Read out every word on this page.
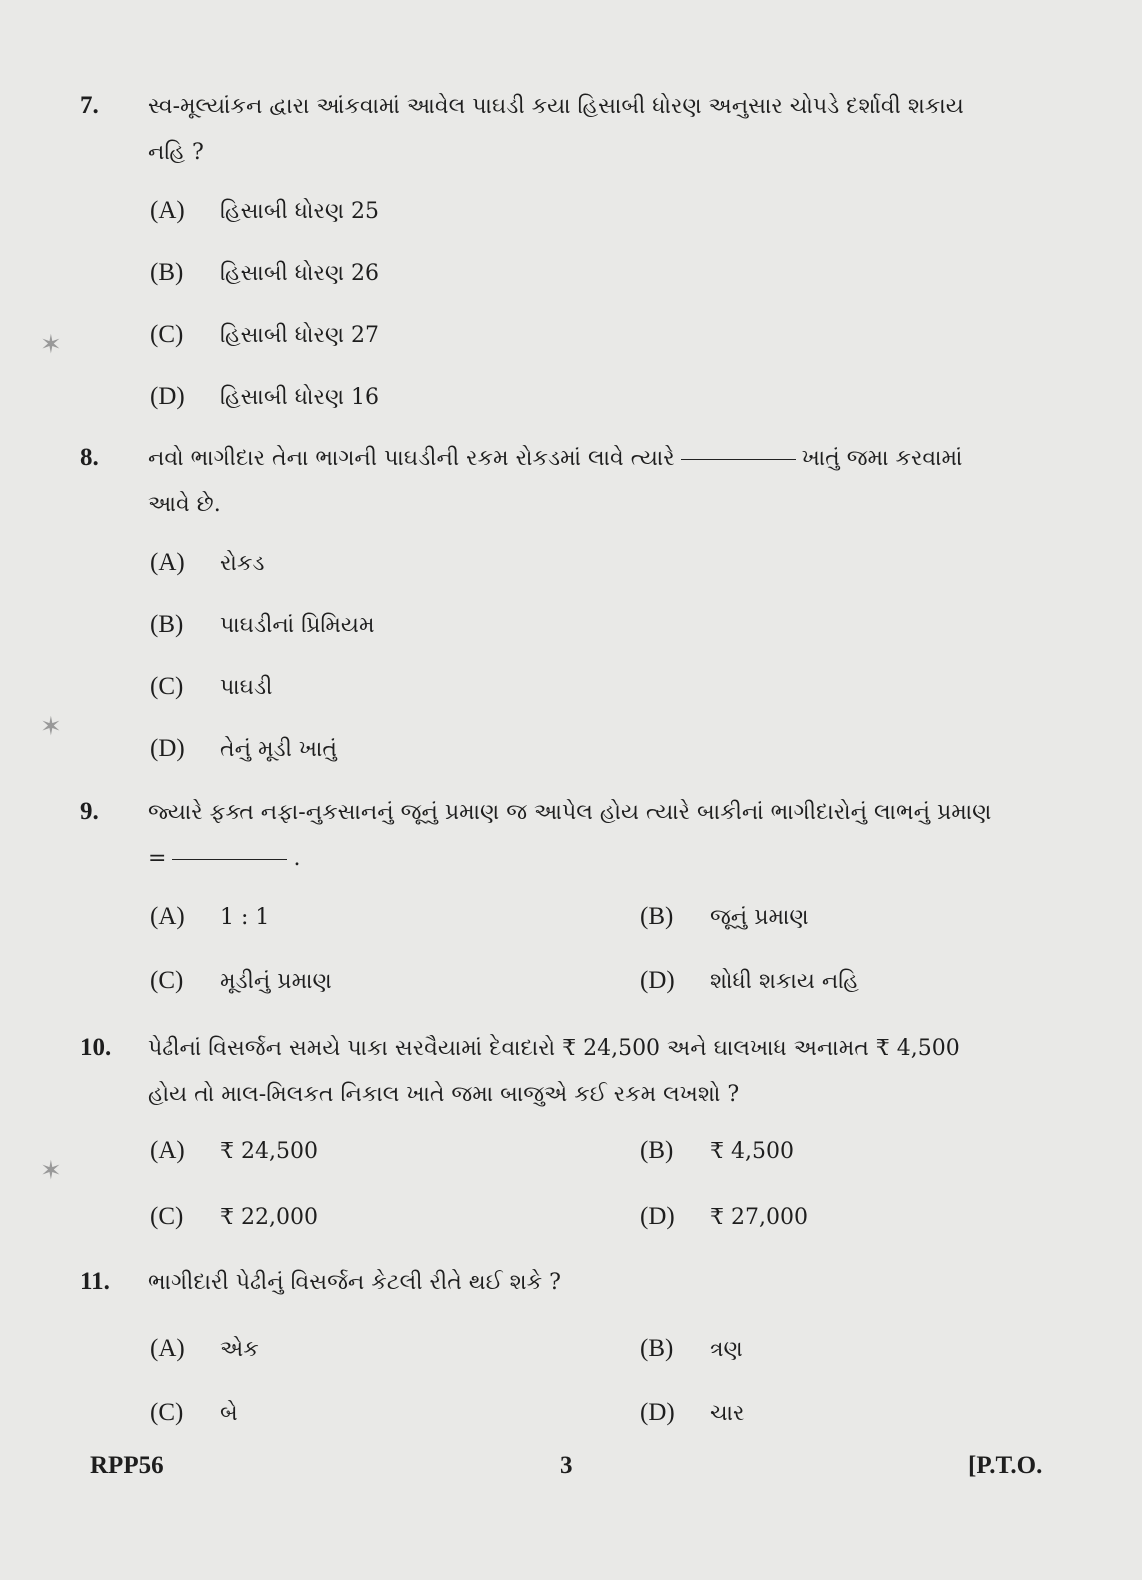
7. સ્વ-મૂલ્યાંકન દ્વારા આંકવામાં આવેલ પાઘડી કયા હિસાબી ધોરણ અનુસાર ચોપડે દર્શાવી શકાય નહિ ?
(A) હિસાબી ધોરણ 25
(B) હિસાબી ધોરણ 26
(C) હિસાબી ધોરણ 27
(D) હિસાબી ધોરણ 16
8. નવો ભાગીદાર તેના ભાગની પાઘડીની રકમ રોકડમાં લાવે ત્યારે	ખાતું જમા કરવામાં આવે છે.
(A) રોકડ
(B) પાઘડીનાં પ્રિમિયમ
(C) પાઘડી
(D) તેનું મૂડી ખાતું
9. જ્યારે ફક્ત નફા-નુકસાનનું જૂનું પ્રમાણ જ આપેલ હોય ત્યારે બાકીનાં ભાગીદારોનું લાભનું પ્રમાણ =	.
(A) 1 : 1	(B) જૂનું પ્રમાણ
(C) મૂડીનું પ્રમાણ	(D) શોધી શકાય નહિ
10. પેઢીનાં વિસર્જન સમયે પાકા સરવૈયામાં દેવાદારો ₹ 24,500 અને ઘાલખાધ અનામત ₹ 4,500 હોય તો માલ-મિલકત નિકાલ ખાતે જમા બાજુએ કઈ રકમ લખશો ?
(A) ₹ 24,500	(B) ₹ 4,500
(C) ₹ 22,000	(D) ₹ 27,000
11. ભાગીદારી પેઢીનું વિસર્જન કેટલી રીતે થઈ શકે ?
(A) એક	(B) ત્રણ
(C) બે	(D) ચાર
RPP56	3	[P.T.O.
✶
✶
✶
